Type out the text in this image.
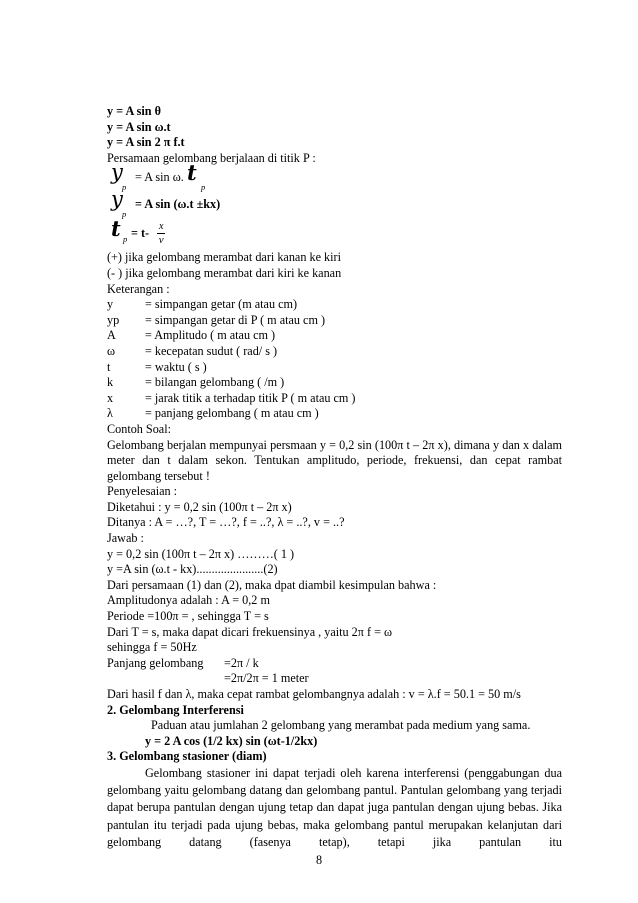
y = A sin θ
y = A sin ω.t
y = A sin 2 π f.t
Persamaan gelombang berjalaan di titik P :
y
p
= A sin ω. t
p
y
p
= A sin (ω.t ±kx)
t $p = t- \frac{x}{v}$
(+) jika gelombang merambat dari kanan ke kiri
(- ) jika gelombang merambat dari kiri ke kanan
Keterangan :
y	= simpangan getar (m atau cm)
yp	= simpangan getar di P ( m atau cm )
A	= Amplitudo ( m atau cm )
ω	= kecepatan sudut ( rad/ s )
t	= waktu ( s )
k	= bilangan gelombang ( /m )
x	= jarak titik a terhadap titik P ( m atau cm )
λ	= panjang gelombang ( m atau cm )
Contoh Soal:
Gelombang berjalan mempunyai persmaan y = 0,2 sin (100π t – 2π x), dimana y dan x dalam meter dan t dalam sekon. Tentukan amplitudo, periode, frekuensi, dan cepat rambat gelombang tersebut !
Penyelesaian :
Diketahui : y = 0,2 sin (100π t – 2π x)
Ditanya : A = …?, T = …?, f = ..?, λ = ..?, v = ..?
Jawab :
y = 0,2 sin (100π t – 2π x) ………( 1 )
y =A sin (ω.t - kx)......................(2)
Dari persamaan (1) dan (2), maka dpat diambil kesimpulan bahwa :
Amplitudonya adalah : A = 0,2 m
Periode =100π = , sehingga T = s
Dari T = s, maka dapat dicari frekuensinya , yaitu 2π f = ω
sehingga f = 50Hz
Panjang gelombang	=2π / k
=2π/2π = 1 meter
Dari hasil f dan λ, maka cepat rambat gelombangnya adalah : v = λ.f = 50.1 = 50 m/s
2. Gelombang Interferensi
Paduan atau jumlahan 2 gelombang yang merambat pada medium yang sama.
y = 2 A cos (1/2 kx) sin (ωt-1/2kx)
3. Gelombang stasioner (diam)
Gelombang stasioner ini dapat terjadi oleh karena interferensi (penggabungan dua gelombang yaitu gelombang datang dan gelombang pantul. Pantulan gelombang yang terjadi dapat berupa pantulan dengan ujung tetap dan dapat juga pantulan dengan ujung bebas. Jika pantulan itu terjadi pada ujung bebas, maka gelombang pantul merupakan kelanjutan dari gelombang datang (fasenya tetap), tetapi jika pantulan itu
8
